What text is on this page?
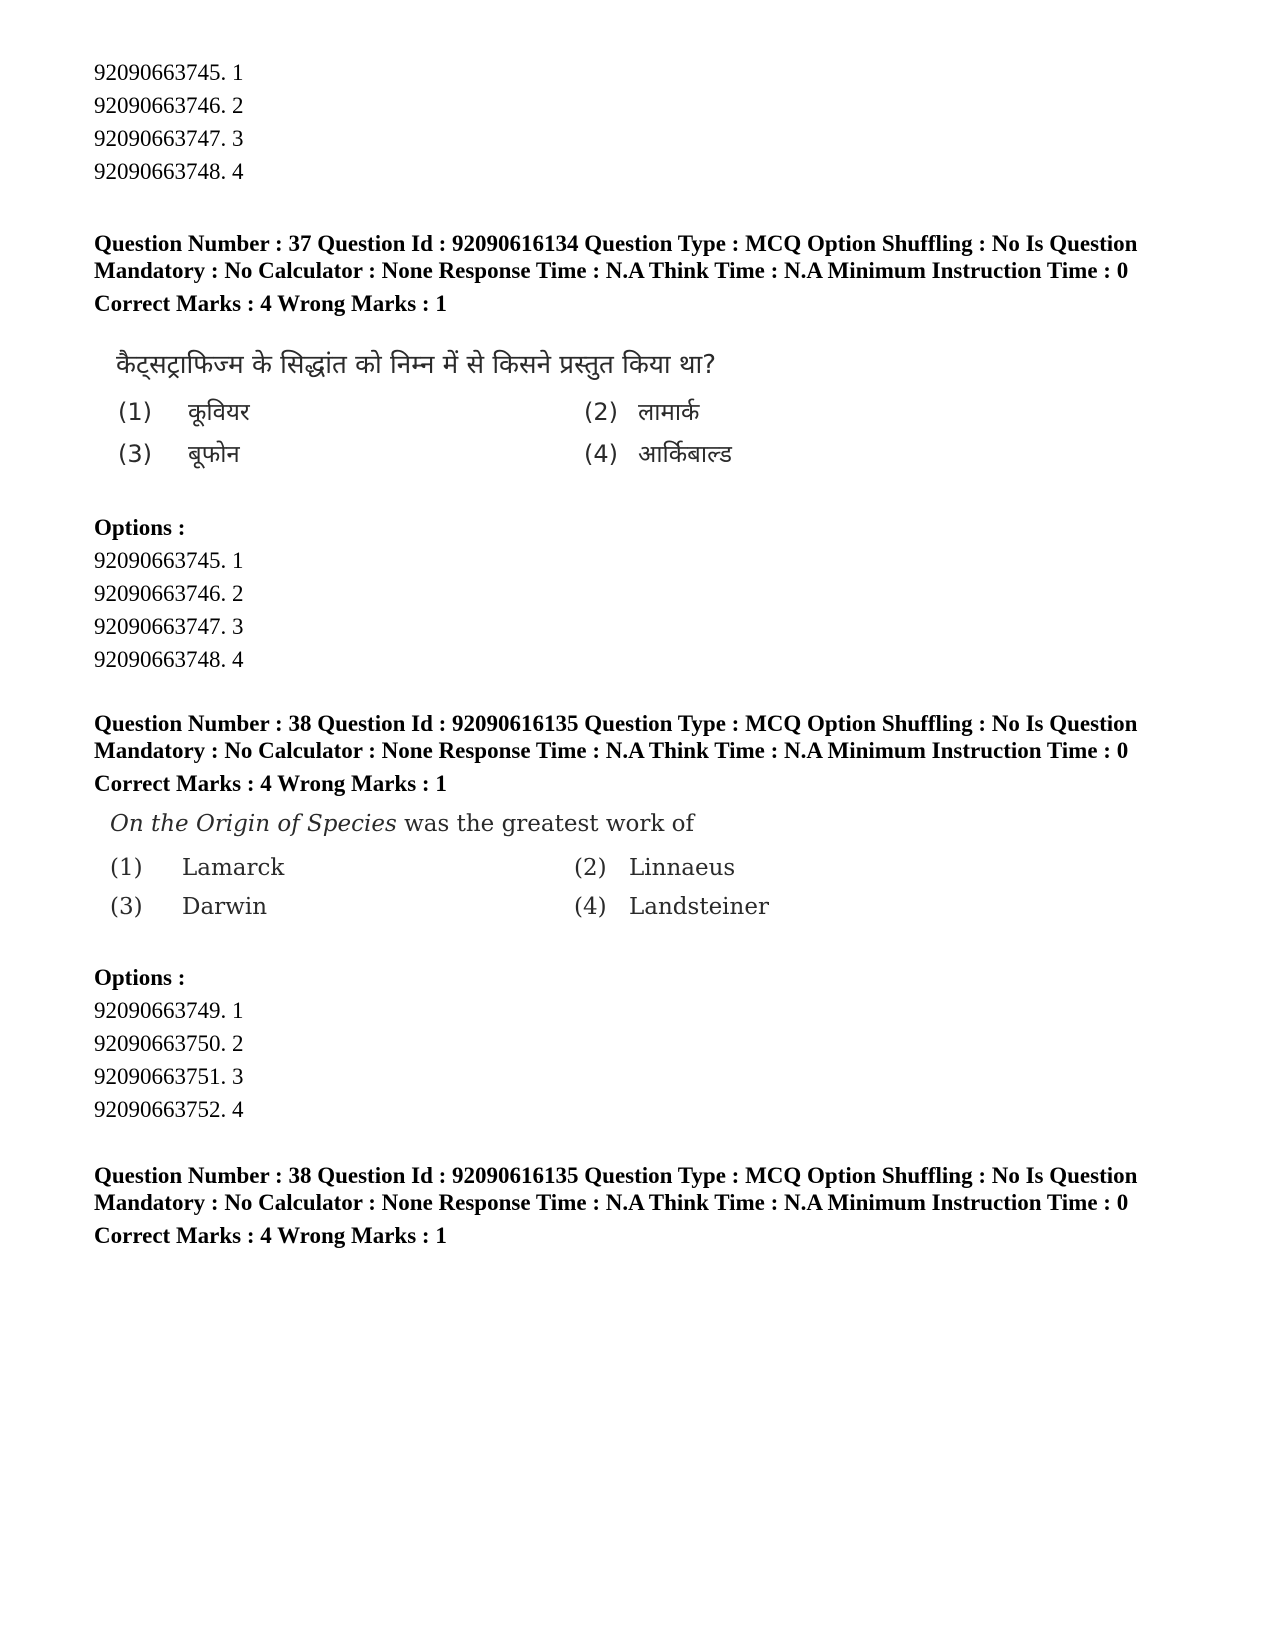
92090663745. 1
92090663746. 2
92090663747. 3
92090663748. 4
Question Number : 37 Question Id : 92090616134 Question Type : MCQ Option Shuffling : No Is Question Mandatory : No Calculator : None Response Time : N.A Think Time : N.A Minimum Instruction Time : 0
Correct Marks : 4 Wrong Marks : 1
कैट्सट्राफिज्म के सिद्धांत को निम्न में से किसने प्रस्तुत किया था?
(1) कूवियर	(2) लामार्क
(3) बूफोन	(4) आर्किबाल्ड
Options :
92090663745. 1
92090663746. 2
92090663747. 3
92090663748. 4
Question Number : 38 Question Id : 92090616135 Question Type : MCQ Option Shuffling : No Is Question Mandatory : No Calculator : None Response Time : N.A Think Time : N.A Minimum Instruction Time : 0
Correct Marks : 4 Wrong Marks : 1
On the Origin of Species was the greatest work of
(1) Lamarck	(2) Linnaeus
(3) Darwin	(4) Landsteiner
Options :
92090663749. 1
92090663750. 2
92090663751. 3
92090663752. 4
Question Number : 38 Question Id : 92090616135 Question Type : MCQ Option Shuffling : No Is Question Mandatory : No Calculator : None Response Time : N.A Think Time : N.A Minimum Instruction Time : 0
Correct Marks : 4 Wrong Marks : 1
